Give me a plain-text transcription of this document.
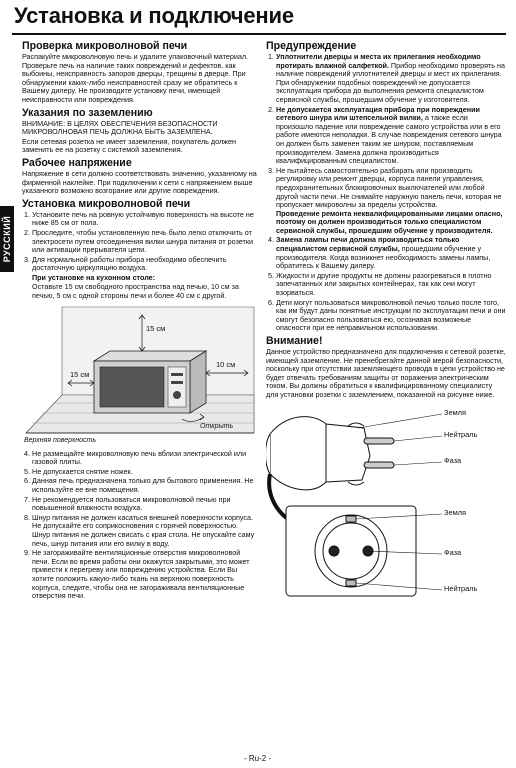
Установка и подключение
РУССКИЙ
Проверка микроволновой печи

Распакуйте микроволновую печь и удалите упаковочный материал. Проверьте печь на наличие таких повреждений и дефектов, как выбоины, неисправность запоров дверцы, трещины в дверце. При обнаружении каких-либо неисправностей сразу же обратитесь к Вашему дилеру. Не производите установку печи, имеющей неисправности или повреждения.

Указания по заземлению

ВНИМАНИЕ: В ЦЕЛЯХ ОБЕСПЕЧЕНИЯ БЕЗОПАСНОСТИ МИКРОВОЛНОВАЯ ПЕЧЬ ДОЛЖНА БЫТЬ ЗАЗЕМЛЕНА.

Если сетевая розетка не имеет заземления, покупатель должен заменить ее на розетку с системой заземления.

Рабочее напряжение

Напряжение в сети должно соответствовать значению, указанному на фирменной наклейке. При подключении к сети с напряжением выше указанного возможно возгорание или другие повреждения.

Установка микроволновой печи
1. Установите печь на ровную устойчивую поверхность на высоте не ниже 85 см от пола.
2. Проследите, чтобы установленную печь было легко отключить от электросети путем отсоединения вилки шнура питания от розетки или активации прерывателя цепи.
3. Для нормальной работы прибора необходимо обеспечить достаточную циркуляцию воздуха.

При установке на кухонном столе:

Оставьте 15 см свободного пространства над печью, 10 см за печью, 5 см с одной стороны печи и более 40 см с другой.

15 см
15 см
10 см
Открыть
Верхняя поверхность
4. Не размещайте микроволновую печь вблизи электрической или газовой плиты.
5. Не допускается снятие ножек.
6. Данная печь предназначена только для бытового применения. Не используйте ее вне помещения.
7. Не рекомендуется пользоваться микроволновой печью при повышенной влажности воздуха.
8. Шнур питания не должен касаться внешней поверхности корпуса. Не допускайте его соприкосновения с горячей поверхностью. Шнур питания не должен свисать с края стола. Не опускайте саму печь, шнур питания или его вилку в воду.
9. Не загораживайте вентиляционные отверстия микроволновой печи. Если во время работы они окажутся закрытыми, это может привести к перегреву или повреждению устройства. Если Вы хотите положить какую-либо ткань на верхнюю поверхность корпуса, следите, чтобы она не загораживала вентиляционные отверстия печи.
Предупреждение
1. Уплотнители дверцы и места их прилегания необходимо протирать влажной салфеткой. Прибор необходимо проверять на наличие повреждений уплотнителей дверцы и мест их прилегания. При обнаружении подобных повреждений не допускается эксплуатация прибора до выполнения ремонта специалистом сервисной службы, прошедшим обучение у изготовителя.
2. Не допускается эксплуатация прибора при повреждении сетевого шнура или штепсельной вилки, а также если произошло падение или повреждение самого устройства или в его работе имеются неполадки. В случае повреждения сетевого шнура он должен быть заменен таким же шнуром, поставляемым производителем. Замена должна производиться квалифицированным специалистом.
3. Не пытайтесь самостоятельно разбирать или производить регулировку или ремонт дверцы, корпуса панели управления, предохранительных блокировочных выключателей или любой другой части печи. Не снимайте наружную панель печи, которая не пропускает микроволны за пределы устройства.
Проведение ремонта неквалифицированными лицами опасно, поэтому он должен производиться только специалистом сервисной службы, прошедшим обучение у производителя.
4. Замена лампы печи должна производиться только специалистом сервисной службы, прошедшим обучение у производителя. Когда возникнет необходимость замены лампы, обратитесь к Вашему дилеру.
5. Жидкости и другие продукты не должны разогреваться в плотно запечатанных или закрытых контейнерах, так как они могут взорваться.
6. Дети могут пользоваться микроволновой печью только после того, как им будут даны понятные инструкции по эксплуатации печи и они смогут безопасно пользоваться ею, осознавая возможные опасности при ее неправильном использовании.
Внимание!

Данное устройство предназначено для подключения к сетевой розетке, имеющей заземление. Не пренебрегайте данной мерой безопасности, поскольку при отсутствии заземляющего провода в цепи устройство не будет отвечать требованиям защиты от поражения электрическим током. Вы должны обратиться к квалифицированному специалисту для установки розетки с заземлением, показанной на рисунке ниже.

Земля
Нейтраль
Фаза
Земля
Фаза
Нейтраль
- Ru-2 -
